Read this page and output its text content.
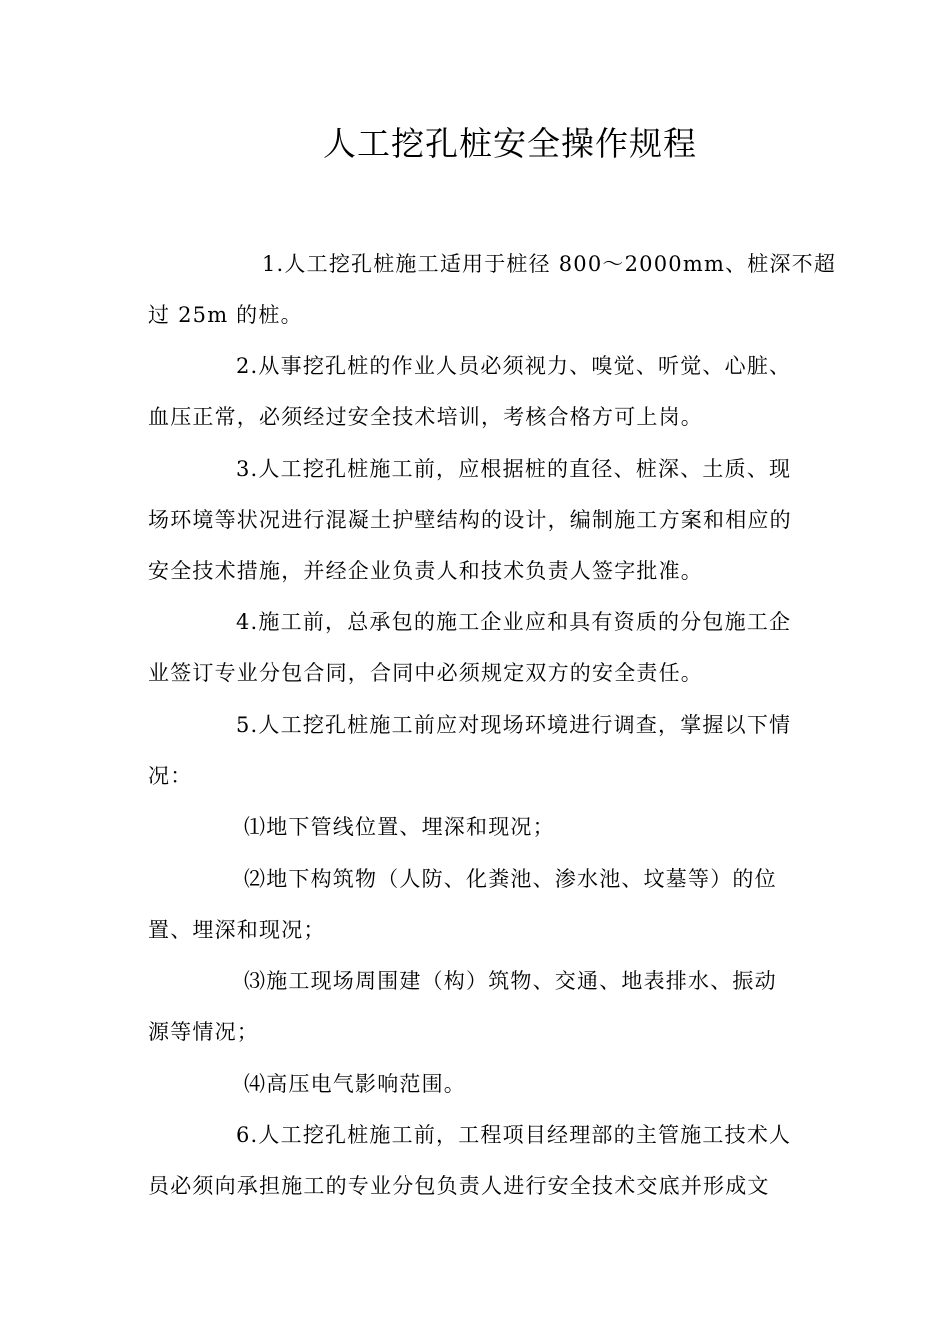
人工挖孔桩安全操作规程
1.人工挖孔桩施工适用于桩径 800～2000mm、桩深不超
过 25m 的桩。
2.从事挖孔桩的作业人员必须视力、嗅觉、听觉、心脏、
血压正常，必须经过安全技术培训，考核合格方可上岗。
3.人工挖孔桩施工前，应根据桩的直径、桩深、土质、现
场环境等状况进行混凝土护壁结构的设计，编制施工方案和相应的
安全技术措施，并经企业负责人和技术负责人签字批准。
4.施工前，总承包的施工企业应和具有资质的分包施工企
业签订专业分包合同，合同中必须规定双方的安全责任。
5.人工挖孔桩施工前应对现场环境进行调查，掌握以下情
况：
⑴地下管线位置、埋深和现况；
⑵地下构筑物（人防、化粪池、渗水池、坟墓等）的位
置、埋深和现况；
⑶施工现场周围建（构）筑物、交通、地表排水、振动
源等情况；
⑷高压电气影响范围。
6.人工挖孔桩施工前，工程项目经理部的主管施工技术人
员必须向承担施工的专业分包负责人进行安全技术交底并形成文
